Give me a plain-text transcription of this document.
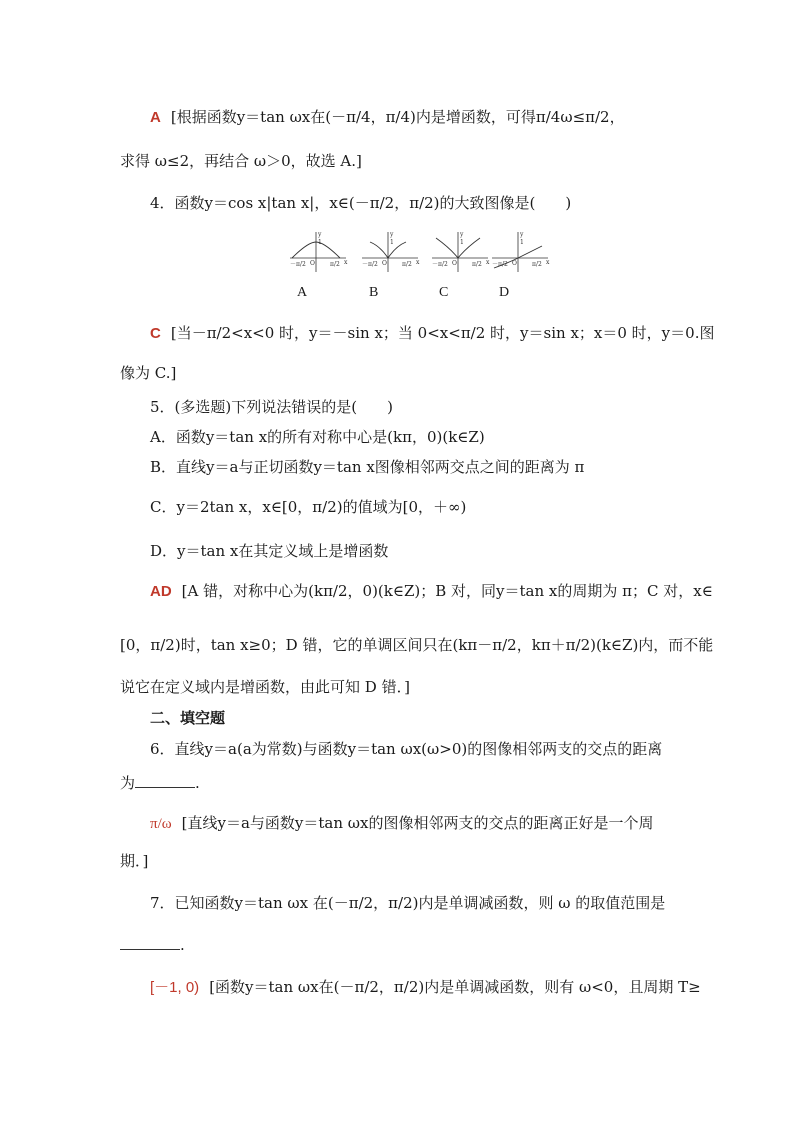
A [根据函数y＝tan ωx在(－π/4，π/4)内是增函数，可得π/4ω≤π/2，
求得 ω≤2，再结合 ω＞0，故选 A.]
4．函数y＝cos x|tan x|，x∈(－π/2，π/2)的大致图像是(　　)
y
x
O
－π/2	π/2
1
A
y
x
O
－π/2	π/2
1
B
y
x
O
－π/2	π/2
1
C
y
x
O
－π/2	π/2
1
D
C [当－π/2<x<0 时，y＝－sin x；当 0<x<π/2 时，y＝sin x；x＝0 时，y＝0.图
像为 C.]
5．(多选题)下列说法错误的是(　　)
A．函数y＝tan x的所有对称中心是(kπ，0)(k∈Z)
B．直线y＝a与正切函数y＝tan x图像相邻两交点之间的距离为 π
C．y＝2tan x，x∈[0，π/2)的值域为[0，＋∞)
D．y＝tan x在其定义域上是增函数
AD [A 错，对称中心为(kπ/2，0)(k∈Z)；B 对，同y＝tan x的周期为 π；C 对，x∈
[0，π/2)时，tan x≥0；D 错，它的单调区间只在(kπ－π/2，kπ＋π/2)(k∈Z)内，而不能
说它在定义域内是增函数，由此可知 D 错．]
二、填空题
6．直线y＝a(a为常数)与函数y＝tan ωx(ω>0)的图像相邻两支的交点的距离
为	.
π/ω [直线y＝a与函数y＝tan ωx的图像相邻两支的交点的距离正好是一个周
期．]
7．已知函数y＝tan ωx 在(－π/2，π/2)内是单调减函数，则 ω 的取值范围是
.
[－1, 0) [函数y＝tan ωx在(－π/2，π/2)内是单调减函数，则有 ω<0，且周期 T≥
